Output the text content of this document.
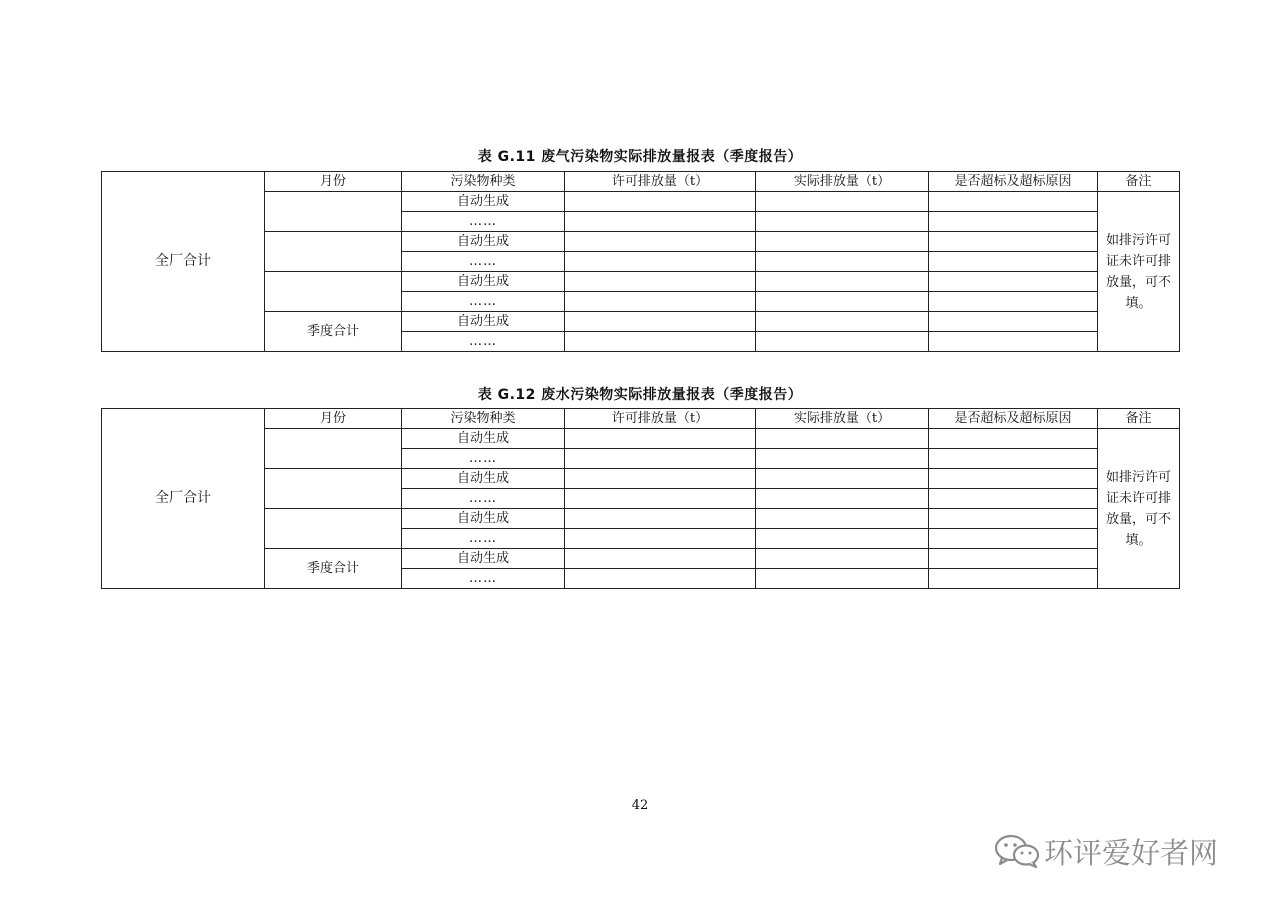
表 G.11 废气污染物实际排放量报表（季度报告）
全厂合计	月份	污染物种类	许可排放量（t）	实际排放量（t）	是否超标及超标原因	备注
		自动生成				如排污许可证未许可排放量，可不填。
		……				
		自动生成				
		……				
		自动生成				
		……				
	季度合计	自动生成				
		……				
表 G.12 废水污染物实际排放量报表（季度报告）
全厂合计	月份	污染物种类	许可排放量（t）	实际排放量（t）	是否超标及超标原因	备注
		自动生成				如排污许可证未许可排放量，可不填。
		……				
		自动生成				
		……				
		自动生成				
		……				
	季度合计	自动生成				
		……				
42
环评爱好者网
